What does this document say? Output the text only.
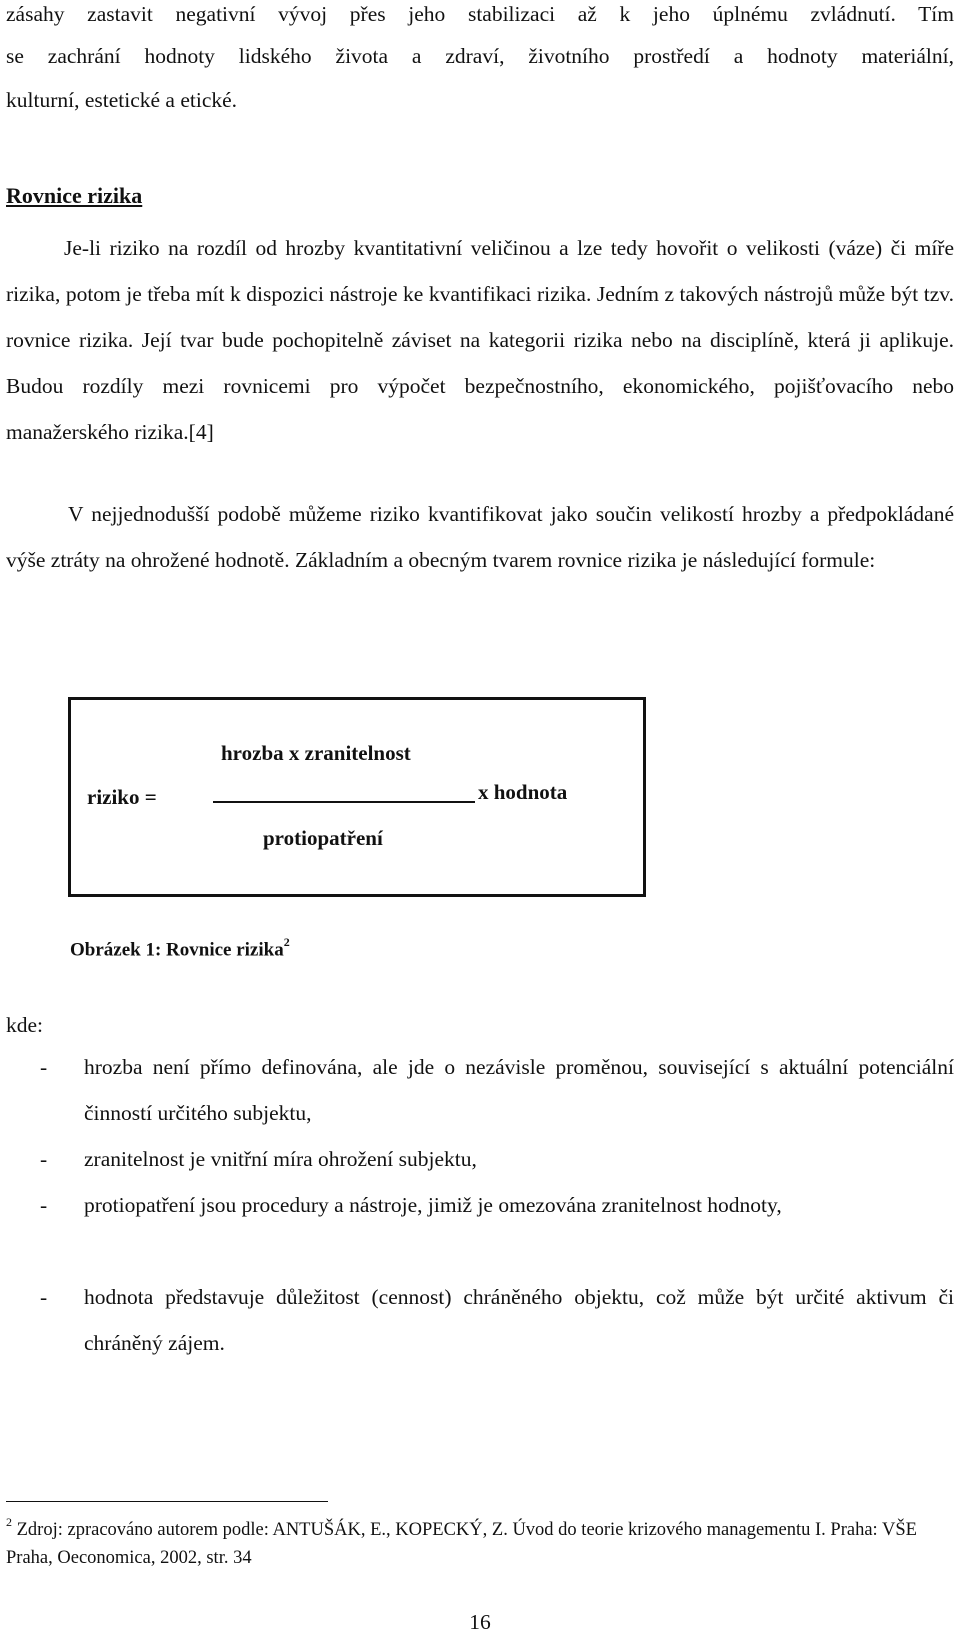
zásahy zastavit negativní vývoj přes jeho stabilizaci až k jeho úplnému zvládnutí. Tím
se zachrání hodnoty lidského života a zdraví, životního prostředí a hodnoty materiální,
kulturní, estetické a etické.
Rovnice rizika
Je-li riziko na rozdíl od hrozby kvantitativní veličinou a lze tedy hovořit o velikosti (váze) či míře rizika, potom je třeba mít k dispozici nástroje ke kvantifikaci rizika. Jedním z takových nástrojů může být tzv. rovnice rizika. Její tvar bude pochopitelně záviset na kategorii rizika nebo na disciplíně, která ji aplikuje. Budou rozdíly mezi rovnicemi pro výpočet bezpečnostního, ekonomického, pojišťovacího nebo manažerského rizika.[4]
V nejjednodušší podobě můžeme riziko kvantifikovat jako součin velikostí hrozby a předpokládané výše ztráty na ohrožené hodnotě. Základním a obecným tvarem rovnice rizika je následující formule:
hrozba x zranitelnost
riziko =	x hodnota
protiopatření
Obrázek 1: Rovnice rizika$^2$
kde:
- hrozba není přímo definována, ale jde o nezávisle proměnou, související s aktuální potenciální činností určitého subjektu,
- zranitelnost je vnitřní míra ohrožení subjektu,
- protiopatření jsou procedury a nástroje, jimiž je omezována zranitelnost hodnoty,
- hodnota představuje důležitost (cennost) chráněného objektu, což může být určité aktivum či chráněný zájem.
$^2$ Zdroj: zpracováno autorem podle: ANTUŠÁK, E., KOPECKÝ, Z. Úvod do teorie krizového managementu I. Praha: VŠE Praha, Oeconomica, 2002, str. 34
16
